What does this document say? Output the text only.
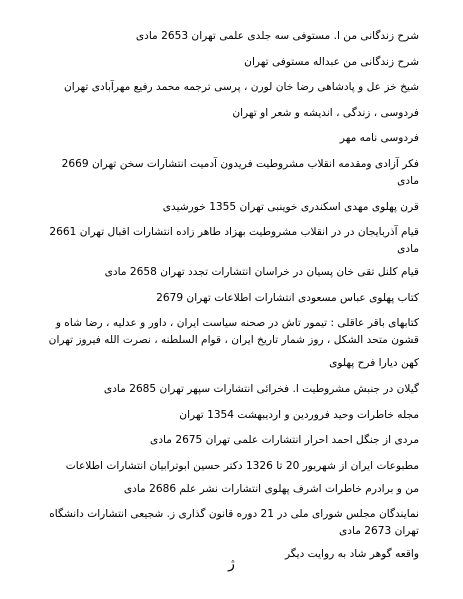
شرح زندگانی من ا. مستوفی سه جلدی علمی تهران 2653 مادی

شرح زندگانی من عبداله مستوفی تهران

شیخ خز عل و پادشاهی رضا خان لورن ، پرسی ترجمه محمد رفیع مهرآبادی تهران

فردوسی ، زندگی ، اندیشه و شعر او تهران

فردوسی نامه مهر

فکر آزادی ومقدمه انقلاب مشروطیت فریدون آدمیت انتشارات سخن تهران 2669 مادی

قرن پهلوی مهدی اسکندری خوینبی تهران 1355 خورشیدی

قیام آذربایجان در در انقلاب مشروطیت بهزاد طاهر زاده انتشارات اقبال تهران 2661 مادی

قیام کلنل تقی خان پسیان در خراسان انتشارات تجدد تهران 2658 مادی

کتاب پهلوی عباس مسعودی انتشارات اطلاعات تهران 2679

کتابهای باقر عاقلی : تیمور تاش در صحنه سیاست ایران ، داور و عدلیه ، رضا شاه و قشون متحد الشکل ، روز شمار تاریخ ایران ، قوام السلطنه ، نصرت الله فیروز تهران

کهن دیارا فرح پهلوی

گیلان در جنبش مشروطیت ا. فخرائی انتشارات سپهر تهران 2685 مادی

مجله خاطرات وحید فروردین و اردیبهشت 1354 تهران

مردی از جنگل احمد احرار انتشارات علمی تهران 2675 مادی

مطبوعات ایران از شهریور 20 تا 1326 دکتر حسین ابوترابیان انتشارات اطلاعات

من و برادرم خاطرات اشرف پهلوی انتشارات نشر علم 2686 مادی

نمایندگان مجلس شورای ملی در 21 دوره قانون گذاری ز. شجیعی انتشارات دانشگاه تهران 2673 مادی

واقعه گوهر شاد به روایت دیگر

ژ
